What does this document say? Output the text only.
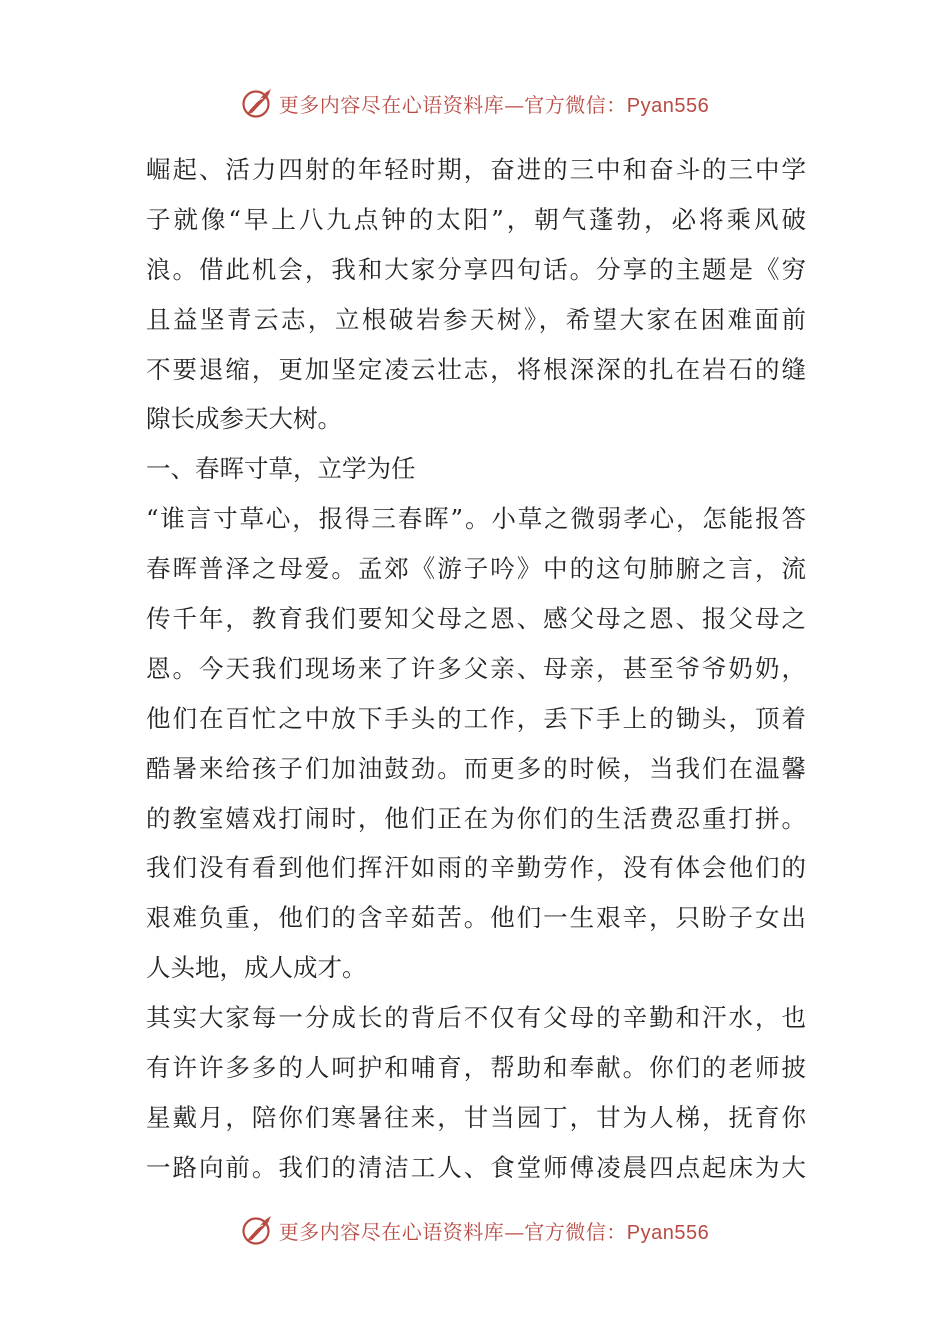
更多内容尽在心语资料库—官方微信：Pyan556
崛起、活力四射的年轻时期，奋进的三中和奋斗的三中学
子就像“早上八九点钟的太阳”，朝气蓬勃，必将乘风破
浪。借此机会，我和大家分享四句话。分享的主题是《穷
且益坚青云志，立根破岩参天树》，希望大家在困难面前
不要退缩，更加坚定凌云壮志，将根深深的扎在岩石的缝
隙长成参天大树。
一、春晖寸草，立学为任
“谁言寸草心，报得三春晖”。小草之微弱孝心，怎能报答
春晖普泽之母爱。孟郊《游子吟》中的这句肺腑之言，流
传千年，教育我们要知父母之恩、感父母之恩、报父母之
恩。今天我们现场来了许多父亲、母亲，甚至爷爷奶奶，
他们在百忙之中放下手头的工作，丢下手上的锄头，顶着
酷暑来给孩子们加油鼓劲。而更多的时候，当我们在温馨
的教室嬉戏打闹时，他们正在为你们的生活费忍重打拼。
我们没有看到他们挥汗如雨的辛勤劳作，没有体会他们的
艰难负重，他们的含辛茹苦。他们一生艰辛，只盼子女出
人头地，成人成才。
其实大家每一分成长的背后不仅有父母的辛勤和汗水，也
有许许多多的人呵护和哺育，帮助和奉献。你们的老师披
星戴月，陪你们寒暑往来，甘当园丁，甘为人梯，抚育你
一路向前。我们的清洁工人、食堂师傅凌晨四点起床为大
更多内容尽在心语资料库—官方微信：Pyan556
